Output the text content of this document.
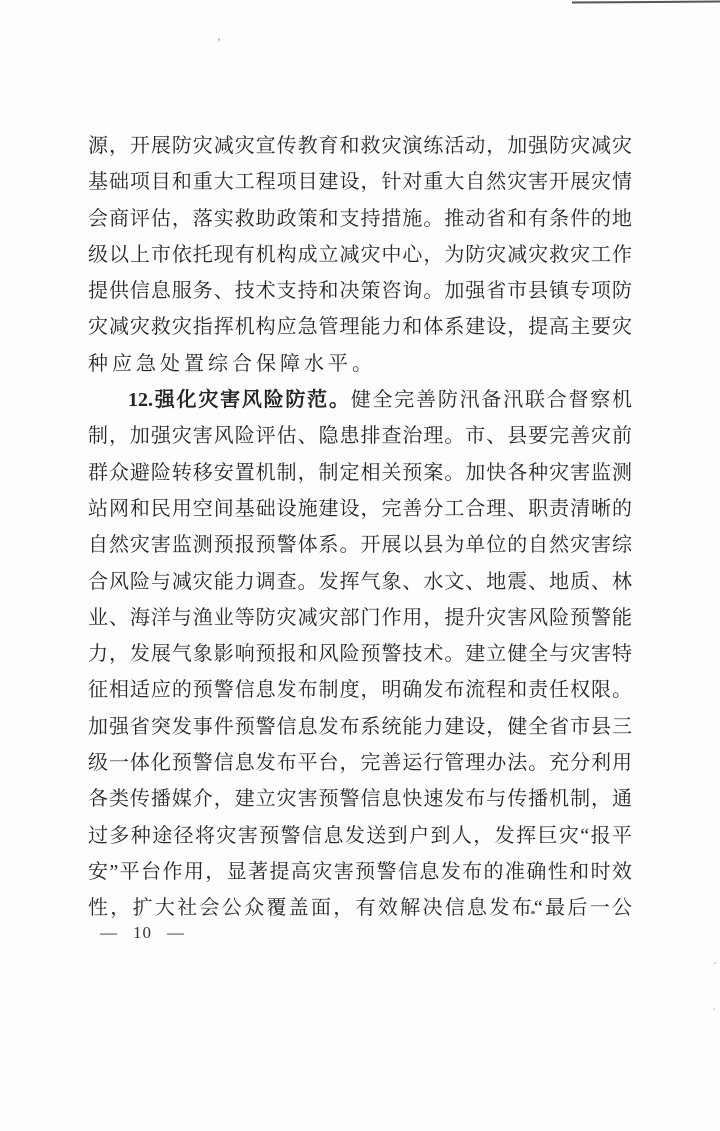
源，开展防灾减灾宣传教育和救灾演练活动，加强防灾减灾
基础项目和重大工程项目建设，针对重大自然灾害开展灾情
会商评估，落实救助政策和支持措施。推动省和有条件的地
级以上市依托现有机构成立减灾中心，为防灾减灾救灾工作
提供信息服务、技术支持和决策咨询。加强省市县镇专项防
灾减灾救灾指挥机构应急管理能力和体系建设，提高主要灾
种应急处置综合保障水平。
12.强化灾害风险防范。健全完善防汛备汛联合督察机
制，加强灾害风险评估、隐患排查治理。市、县要完善灾前
群众避险转移安置机制，制定相关预案。加快各种灾害监测
站网和民用空间基础设施建设，完善分工合理、职责清晰的
自然灾害监测预报预警体系。开展以县为单位的自然灾害综
合风险与减灾能力调查。发挥气象、水文、地震、地质、林
业、海洋与渔业等防灾减灾部门作用，提升灾害风险预警能
力，发展气象影响预报和风险预警技术。建立健全与灾害特
征相适应的预警信息发布制度，明确发布流程和责任权限。
加强省突发事件预警信息发布系统能力建设，健全省市县三
级一体化预警信息发布平台，完善运行管理办法。充分利用
各类传播媒介，建立灾害预警信息快速发布与传播机制，通
过多种途径将灾害预警信息发送到户到人，发挥巨灾“报平
安”平台作用，显著提高灾害预警信息发布的准确性和时效
性，扩大社会公众覆盖面，有效解决信息发布“最后一公
— 10 —
